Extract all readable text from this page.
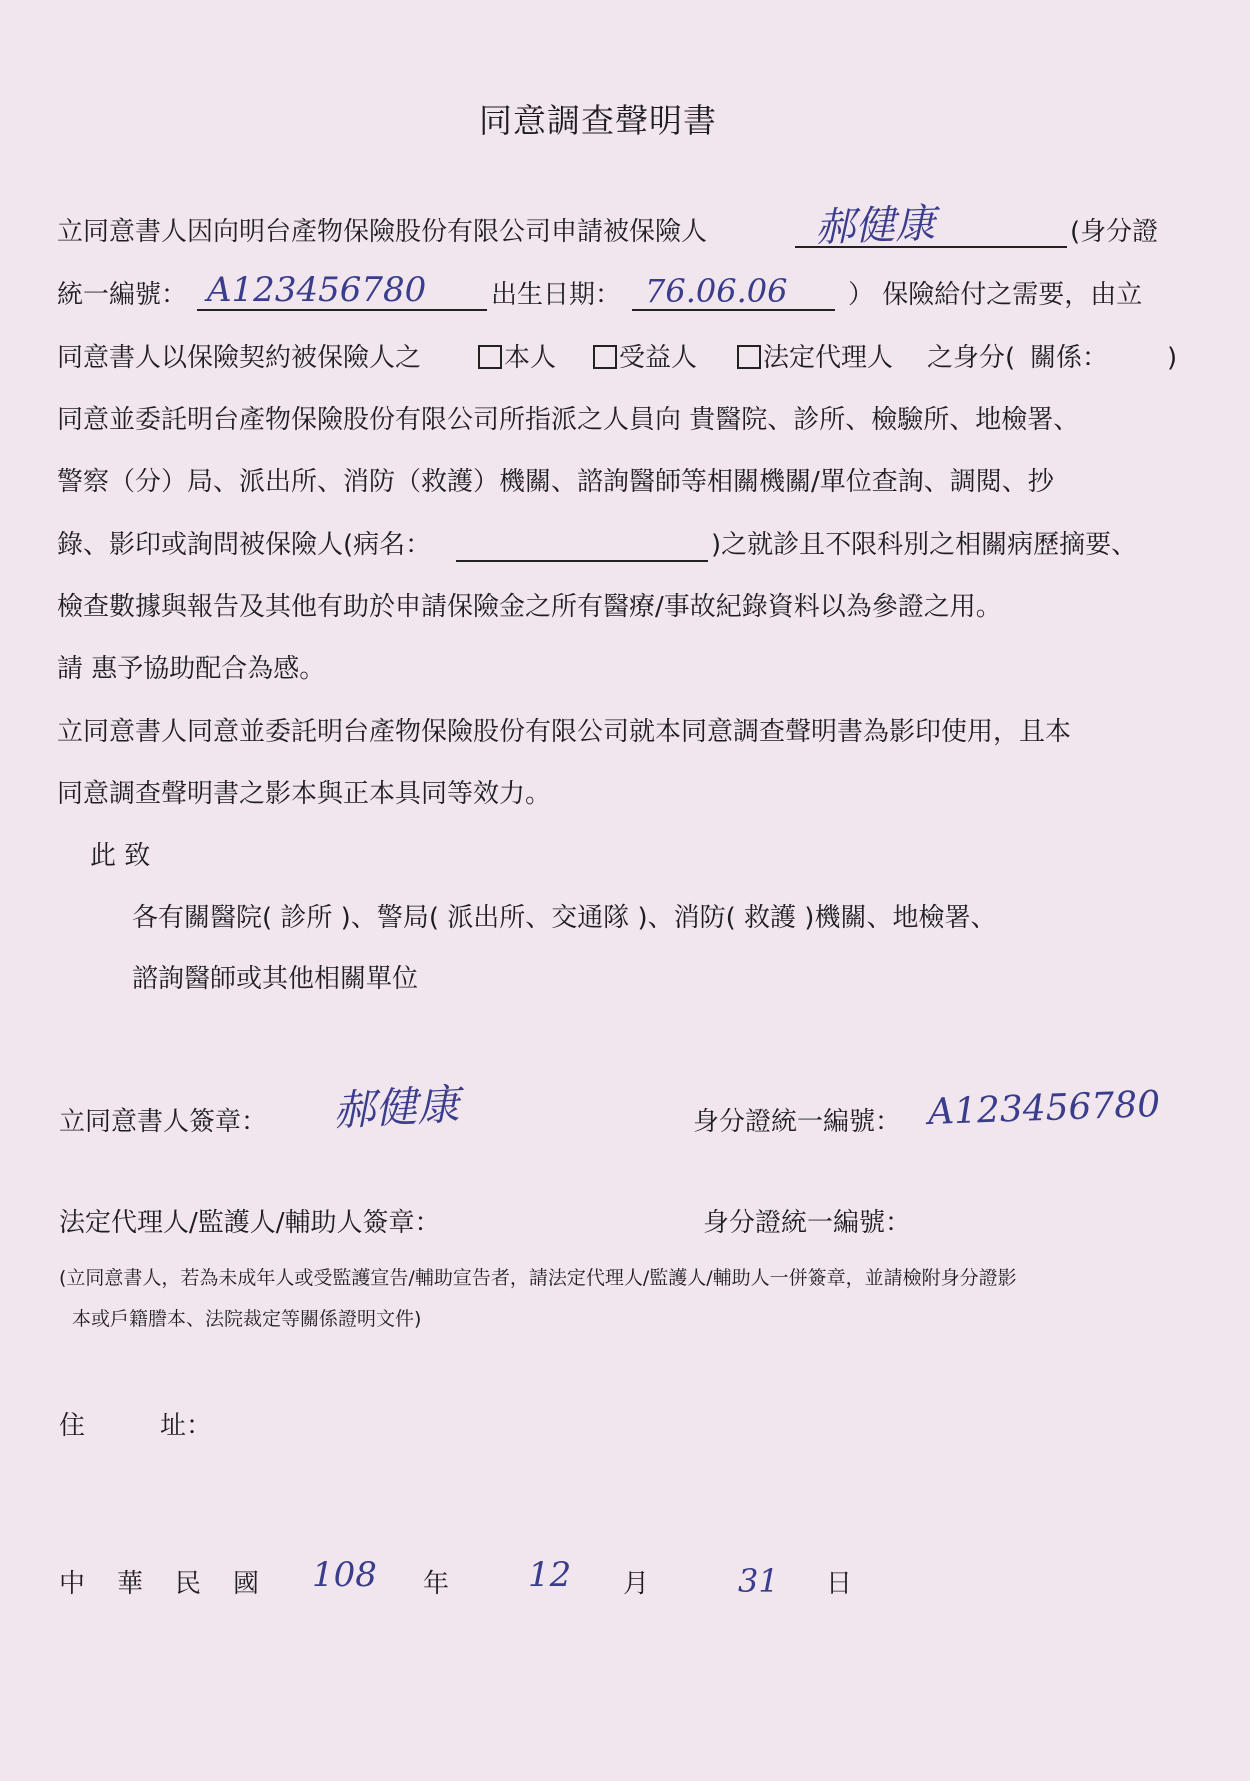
同意調查聲明書
立同意書人因向明台產物保險股份有限公司申請被保險人	郝健康	(身分證
統一編號： A123456780 出生日期： 76.06.06 ） 保險給付之需要，由立
同意書人以保險契約被保險人之	本人	受益人	法定代理人 之身分( 關係： )
同意並委託明台產物保險股份有限公司所指派之人員向 貴醫院、診所、檢驗所、地檢署、
警察（分）局、派出所、消防（救護）機關、諮詢醫師等相關機關/單位查詢、調閱、抄
錄、影印或詢問被保險人(病名：	)之就診且不限科別之相關病歷摘要、
檢查數據與報告及其他有助於申請保險金之所有醫療/事故紀錄資料以為參證之用。
請 惠予協助配合為感。
立同意書人同意並委託明台產物保險股份有限公司就本同意調查聲明書為影印使用，且本
同意調查聲明書之影本與正本具同等效力。
此 致
各有關醫院( 診所 )、警局( 派出所、交通隊 )、消防( 救護 )機關、地檢署、
諮詢醫師或其他相關單位
立同意書人簽章： 郝健康	身分證統一編號： A123456780
法定代理人/監護人/輔助人簽章：	身分證統一編號：
(立同意書人，若為未成年人或受監護宣告/輔助宣告者，請法定代理人/監護人/輔助人一併簽章，並請檢附身分證影
本或戶籍謄本、法院裁定等關係證明文件)
住	址：
中 華 民 國 108 年 12 月	31 日
